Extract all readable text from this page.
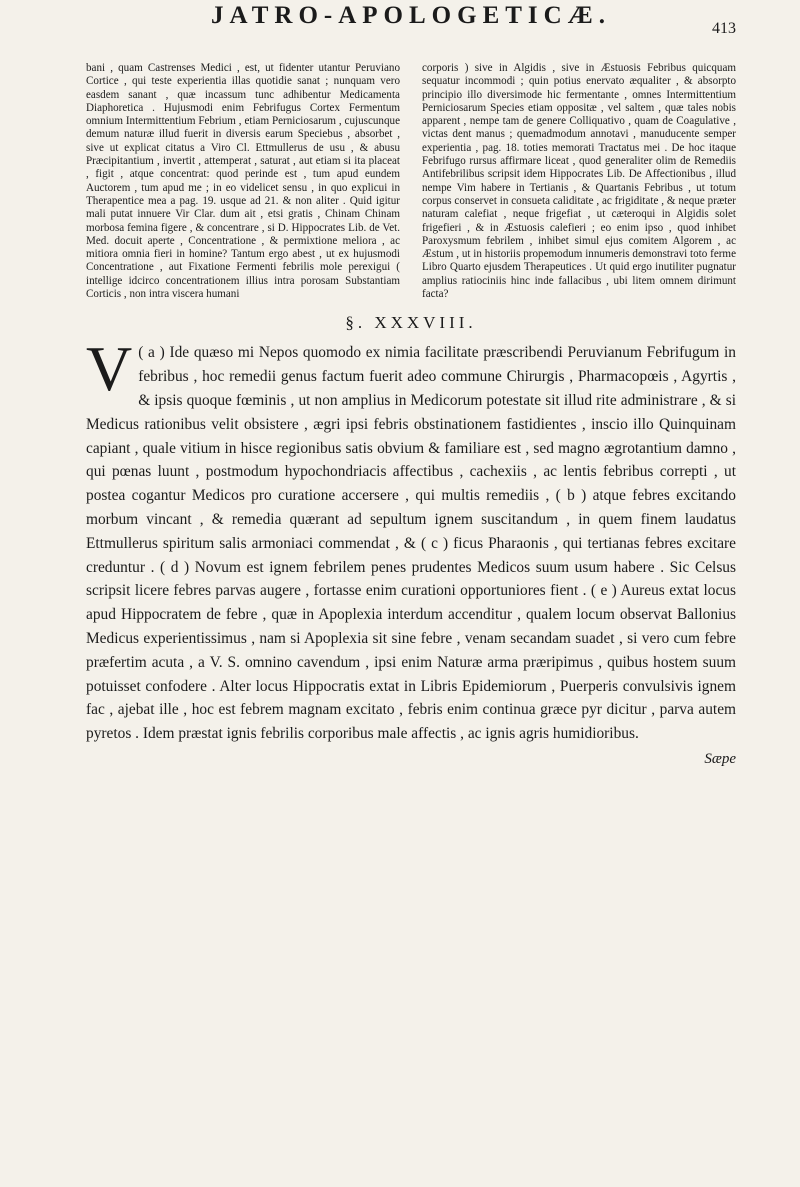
JATRO-APOLOGETICÆ.	413

bani , quam Castrenses Medici , est, ut fidenter utantur Peruviano Cortice , qui teste experientia illas quotidie sanat ; nunquam vero easdem sanant , quæ incassum tunc adhibentur Medicamenta Diaphoretica . Hujusmodi enim Febrifugus Cortex Fermentum omnium Intermittentium Febrium , etiam Perniciosarum , cujuscunque demum naturæ illud fuerit in diversis earum Speciebus , absorbet , sive ut explicat citatus a Viro Cl. Ettmullerus de usu , & abusu Præcipitantium , invertit , attemperat , saturat , aut etiam si ita placeat , figit , atque concentrat: quod perinde est , tum apud eundem Auctorem , tum apud me ; in eo videlicet sensu , in quo explicui in Therapentice mea a pag. 19. usque ad 21. & non aliter . Quid igitur mali putat innuere Vir Clar. dum ait , etsi gratis , Chinam Chinam morbosa femina figere , & concentrare , si D. Hippocrates Lib. de Vet. Med. docuit aperte , Concentratione , & permixtione meliora , ac mitiora omnia fieri in homine? Tantum ergo abest , ut ex hujusmodi Concentratione , aut Fixatione Fermenti febrilis mole perexigui ( intellige idcirco concentrationem illius intra porosam Substantiam Corticis , non intra viscera humani

corporis ) sive in Algidis , sive in Æstuosis Febribus quicquam sequatur incommodi ; quin potius enervato æqualiter , & absorpto principio illo diversimode hic fermentante , omnes Intermittentium Perniciosarum Species etiam oppositæ , vel saltem , quæ tales nobis apparent , nempe tam de genere Colliquativo , quam de Coagulative , victas dent manus ; quemadmodum annotavi , manuducente semper experientia , pag. 18. toties memorati Tractatus mei . De hoc itaque Febrifugo rursus affirmare liceat , quod generaliter olim de Remediis Antifebrilibus scripsit idem Hippocrates Lib. De Affectionibus , illud nempe Vim habere in Tertianis , & Quartanis Febribus , ut totum corpus conservet in consueta caliditate , ac frigiditate , & neque præter naturam calefiat , neque frigefiat , ut cæteroqui in Algidis solet frigefieri , & in Æstuosis calefieri ; eo enim ipso , quod inhibet Paroxysmum febrilem , inhibet simul ejus comitem Algorem , ac Æstum , ut in historiis propemodum innumeris demonstravi toto ferme Libro Quarto ejusdem Therapeutices . Ut quid ergo inutiliter pugnatur amplius ratiociniis hinc inde fallacibus , ubi litem omnem dirimunt facta?

§. XXXVIII.
( a )
V Ide quæso mi Nepos quomodo ex nimia facilitate præscribendi Peruvianum Febrifugum in febribus , hoc remedii genus factum fuerit adeo commune Chirurgis , Pharmacopœis , Agyrtis , & ipsis quoque fœminis , ut non amplius in Medicorum potestate sit illud rite administrare , & si Medicus rationibus velit obsistere , ægri ipsi febris obstinationem fastidientes , inscio illo Quinquinam capiant , quale vitium in hisce regionibus satis obvium & familiare est , sed magno ægrotantium damno , qui pœnas luunt , postmodum hypochondriacis affectibus , cachexiis , ac lentis febribus correpti , ut postea cogantur Medicos pro curatione accersere , qui multis remediis , ( b ) atque febres excitando morbum vincant , & remedia quærant ad sepultum ignem suscitandum , in quem finem laudatus Ettmullerus spiritum salis armoniaci commendat , & ( c ) ficus Pharaonis , qui tertianas febres excitare creduntur . ( d ) Novum est ignem febrilem penes prudentes Medicos suum usum habere . Sic Celsus scripsit licere febres parvas augere , fortasse enim curationi opportuniores fient . ( e ) Aureus extat locus apud Hippocratem de febre , quæ in Apoplexia interdum accenditur , qualem locum observat Ballonius Medicus experientissimus , nam si Apoplexia sit sine febre , venam secandam suadet , si vero cum febre præfertim acuta , a V. S. omnino cavendum , ipsi enim Naturæ arma præripimus , quibus hostem suum potuisset confodere . Alter locus Hippocratis extat in Libris Epidemiorum , Puerperis convulsivis ignem fac , ajebat ille , hoc est febrem magnam excitato , febris enim continua græce pyr dicitur , parva autem pyretos . Idem præstat ignis febrilis corporibus male affectis , ac ignis agris humidioribus.
Sæpe
